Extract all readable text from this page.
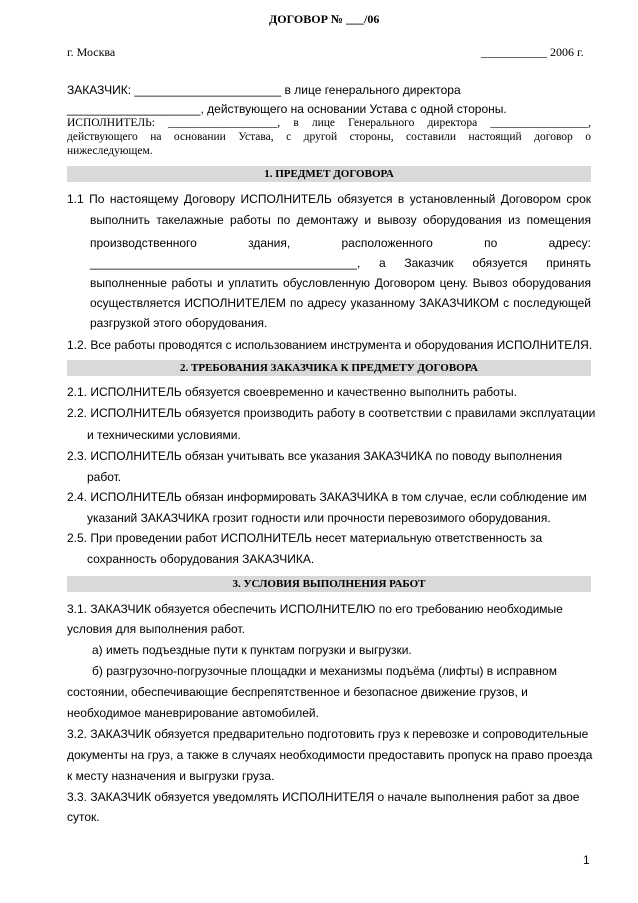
ДОГОВОР № ___/06
г. Москва	___________ 2006 г.
ЗАКАЗЧИК: ______________________ в лице генерального директора
____________________, действующего на основании Устава с одной стороны.
ИСПОЛНИТЕЛЬ: ___________________, в лице Генерального директора _________________,
действующего на основании Устава, с другой стороны, составили настоящий договор о
нижеследующем.
1. ПРЕДМЕТ ДОГОВОРА
1.1 По настоящему Договору ИСПОЛНИТЕЛЬ обязуется в установленный Договором срок
выполнить такелажные работы по демонтажу и вывозу оборудования из помещения
производственного здания, расположенного по адресу:
________________________________________, а Заказчик обязуется принять
выполненные работы и уплатить обусловленную Договором цену. Вывоз оборудования
осуществляется ИСПОЛНИТЕЛЕМ по адресу указанному ЗАКАЗЧИКОМ с последующей
разгрузкой этого оборудования.
1.2. Все работы проводятся с использованием инструмента и оборудования ИСПОЛНИТЕЛЯ.
2. ТРЕБОВАНИЯ ЗАКАЗЧИКА К ПРЕДМЕТУ ДОГОВОРА
2.1. ИСПОЛНИТЕЛЬ обязуется своевременно и качественно выполнить работы.
2.2. ИСПОЛНИТЕЛЬ обязуется производить работу в соответствии с правилами эксплуатации
и техническими условиями.
2.3. ИСПОЛНИТЕЛЬ обязан учитывать все указания ЗАКАЗЧИКА по поводу выполнения
работ.
2.4. ИСПОЛНИТЕЛЬ обязан информировать ЗАКАЗЧИКА в том случае, если соблюдение им
указаний ЗАКАЗЧИКА грозит годности или прочности перевозимого оборудования.
2.5. При проведении работ ИСПОЛНИТЕЛЬ несет материальную ответственность за
сохранность оборудования ЗАКАЗЧИКА.
3. УСЛОВИЯ ВЫПОЛНЕНИЯ РАБОТ
3.1. ЗАКАЗЧИК обязуется обеспечить ИСПОЛНИТЕЛЮ по его требованию необходимые
условия для выполнения работ.
а) иметь подъездные пути к пунктам погрузки и выгрузки.
б) разгрузочно-погрузочные площадки и механизмы подъёма (лифты) в исправном
состоянии, обеспечивающие беспрепятственное и безопасное движение грузов, и
необходимое маневрирование автомобилей.
3.2. ЗАКАЗЧИК обязуется предварительно подготовить груз к перевозке и сопроводительные
документы на груз, а также в случаях необходимости предоставить пропуск на право проезда
к месту назначения и выгрузки груза.
3.3. ЗАКАЗЧИК обязуется уведомлять ИСПОЛНИТЕЛЯ о начале выполнения работ за двое
суток.
1
